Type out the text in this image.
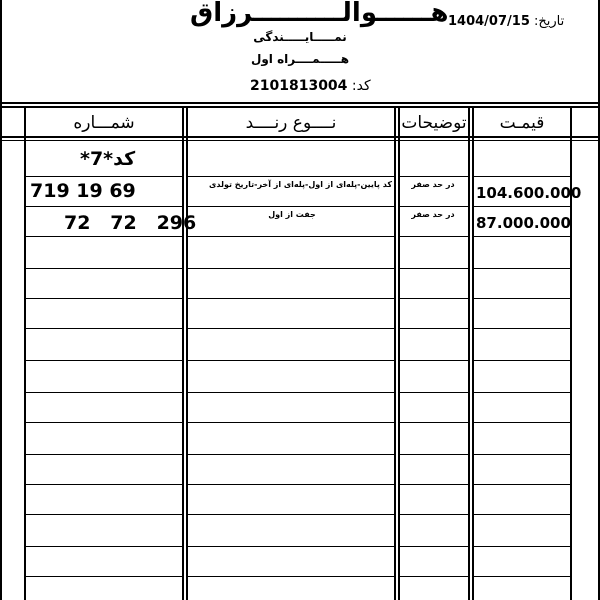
هــــــوالــــــــــرزاق
نمـــــایـــــندگی
هـــــمــــراه اول
تاریخ: 1404/07/15
کد: 2101813004
شمـــاره	نــــوع رنــــد	توضیحات	قیمـت
کد*7*
719 19 69	کد پایین-پله‌ای از اول-پله‌ای از آخر-تاریخ تولدی	در حد صفر	104.600.000
72   72   296	جفت از اول	در حد صفر	87.000.000
